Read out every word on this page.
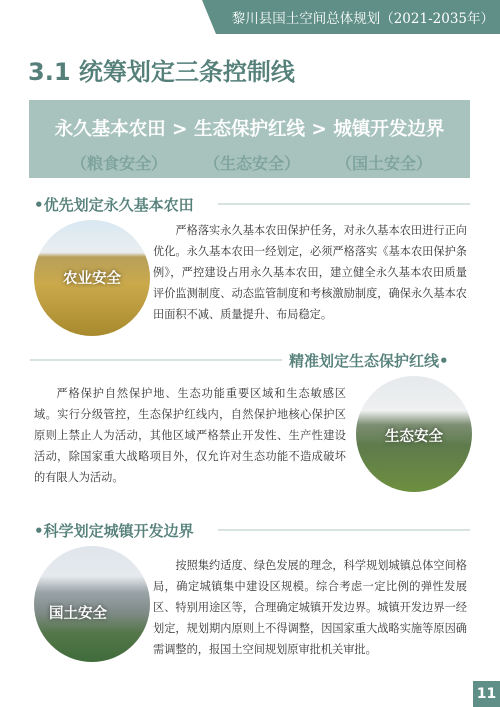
黎川县国土空间总体规划（2021-2035年）
3.1 统筹划定三条控制线
永久基本农田 > 生态保护红线 > 城镇开发边界
（粮食安全） （生态安全） （国土安全）
•优先划定永久基本农田
农业安全

严格落实永久基本农田保护任务，对永久基本农田进行正向优化。永久基本农田一经划定，必须严格落实《基本农田保护条例》，严控建设占用永久基本农田，建立健全永久基本农田质量评价监测制度、动态监管制度和考核激励制度，确保永久基本农田面积不减、质量提升、布局稳定。

精准划定生态保护红线•

严格保护自然保护地、生态功能重要区域和生态敏感区域。实行分级管控，生态保护红线内，自然保护地核心保护区原则上禁止人为活动，其他区域严格禁止开发性、生产性建设活动，除国家重大战略项目外，仅允许对生态功能不造成破坏的有限人为活动。

生态安全
•科学划定城镇开发边界
国土安全

按照集约适度、绿色发展的理念，科学规划城镇总体空间格局，确定城镇集中建设区规模。综合考虑一定比例的弹性发展区、特别用途区等，合理确定城镇开发边界。城镇开发边界一经划定，规划期内原则上不得调整，因国家重大战略实施等原因确需调整的，报国土空间规划原审批机关审批。

11
